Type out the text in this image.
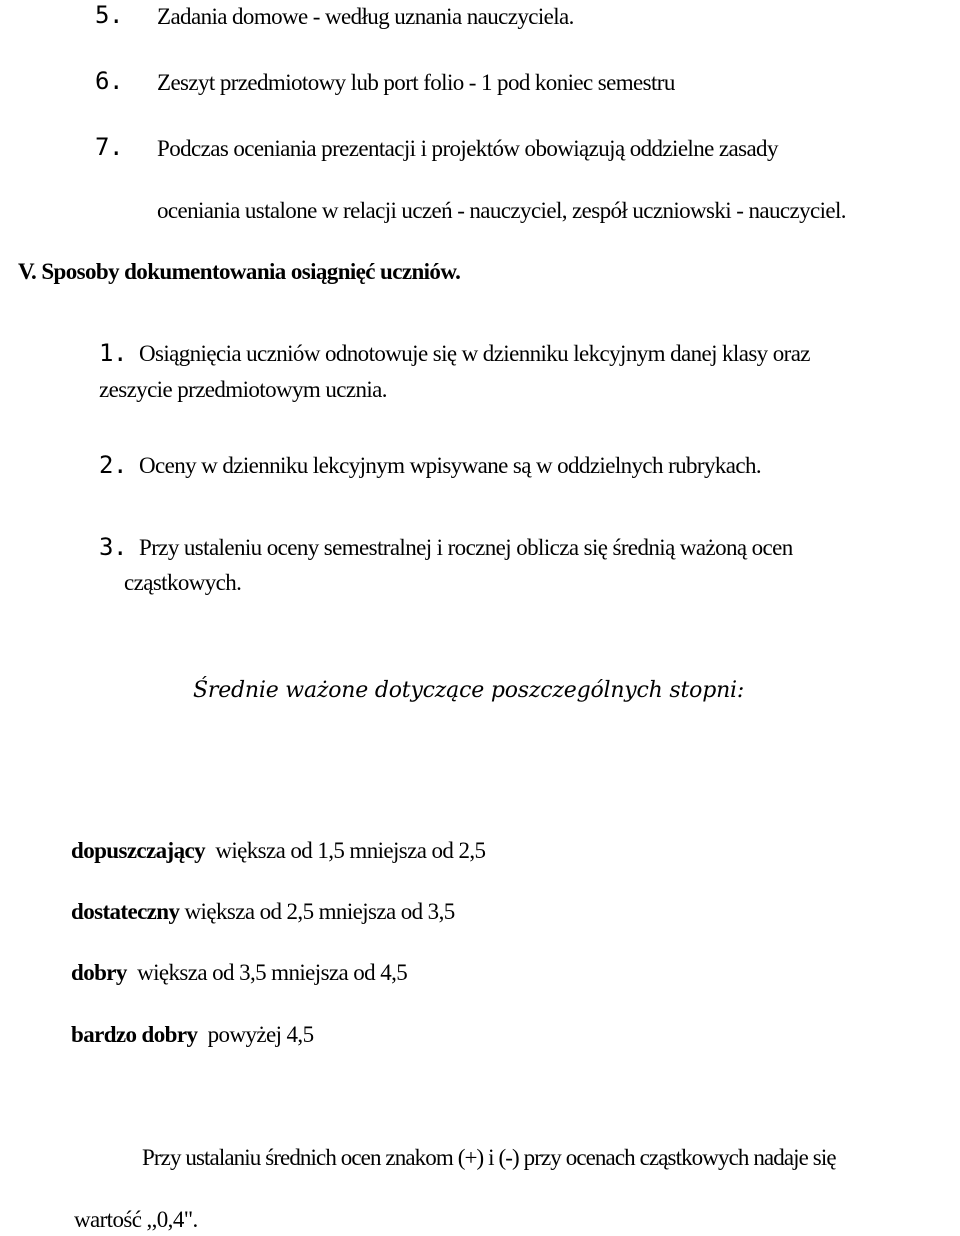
5. Zadania domowe - według uznania nauczyciela.
6. Zeszyt przedmiotowy lub port folio - 1 pod koniec semestru
7. Podczas oceniania prezentacji i projektów obowiązują oddzielne zasady
oceniania ustalone w relacji uczeń - nauczyciel, zespół uczniowski - nauczyciel.
V. Sposoby dokumentowania osiągnięć uczniów.
1. Osiągnięcia uczniów odnotowuje się w dzienniku lekcyjnym danej klasy oraz
zeszycie przedmiotowym ucznia.
2. Oceny w dzienniku lekcyjnym wpisywane są w oddzielnych rubrykach.
3. Przy ustaleniu oceny semestralnej i rocznej oblicza się średnią ważoną ocen
cząstkowych.
Średnie ważone dotyczące poszczególnych stopni:
dopuszczający większa od 1,5 mniejsza od 2,5
dostateczny większa od 2,5 mniejsza od 3,5
dobry większa od 3,5 mniejsza od 4,5
bardzo dobry powyżej 4,5
Przy ustalaniu średnich ocen znakom (+) i (-) przy ocenach cząstkowych nadaje się
wartość ,,0,4".
